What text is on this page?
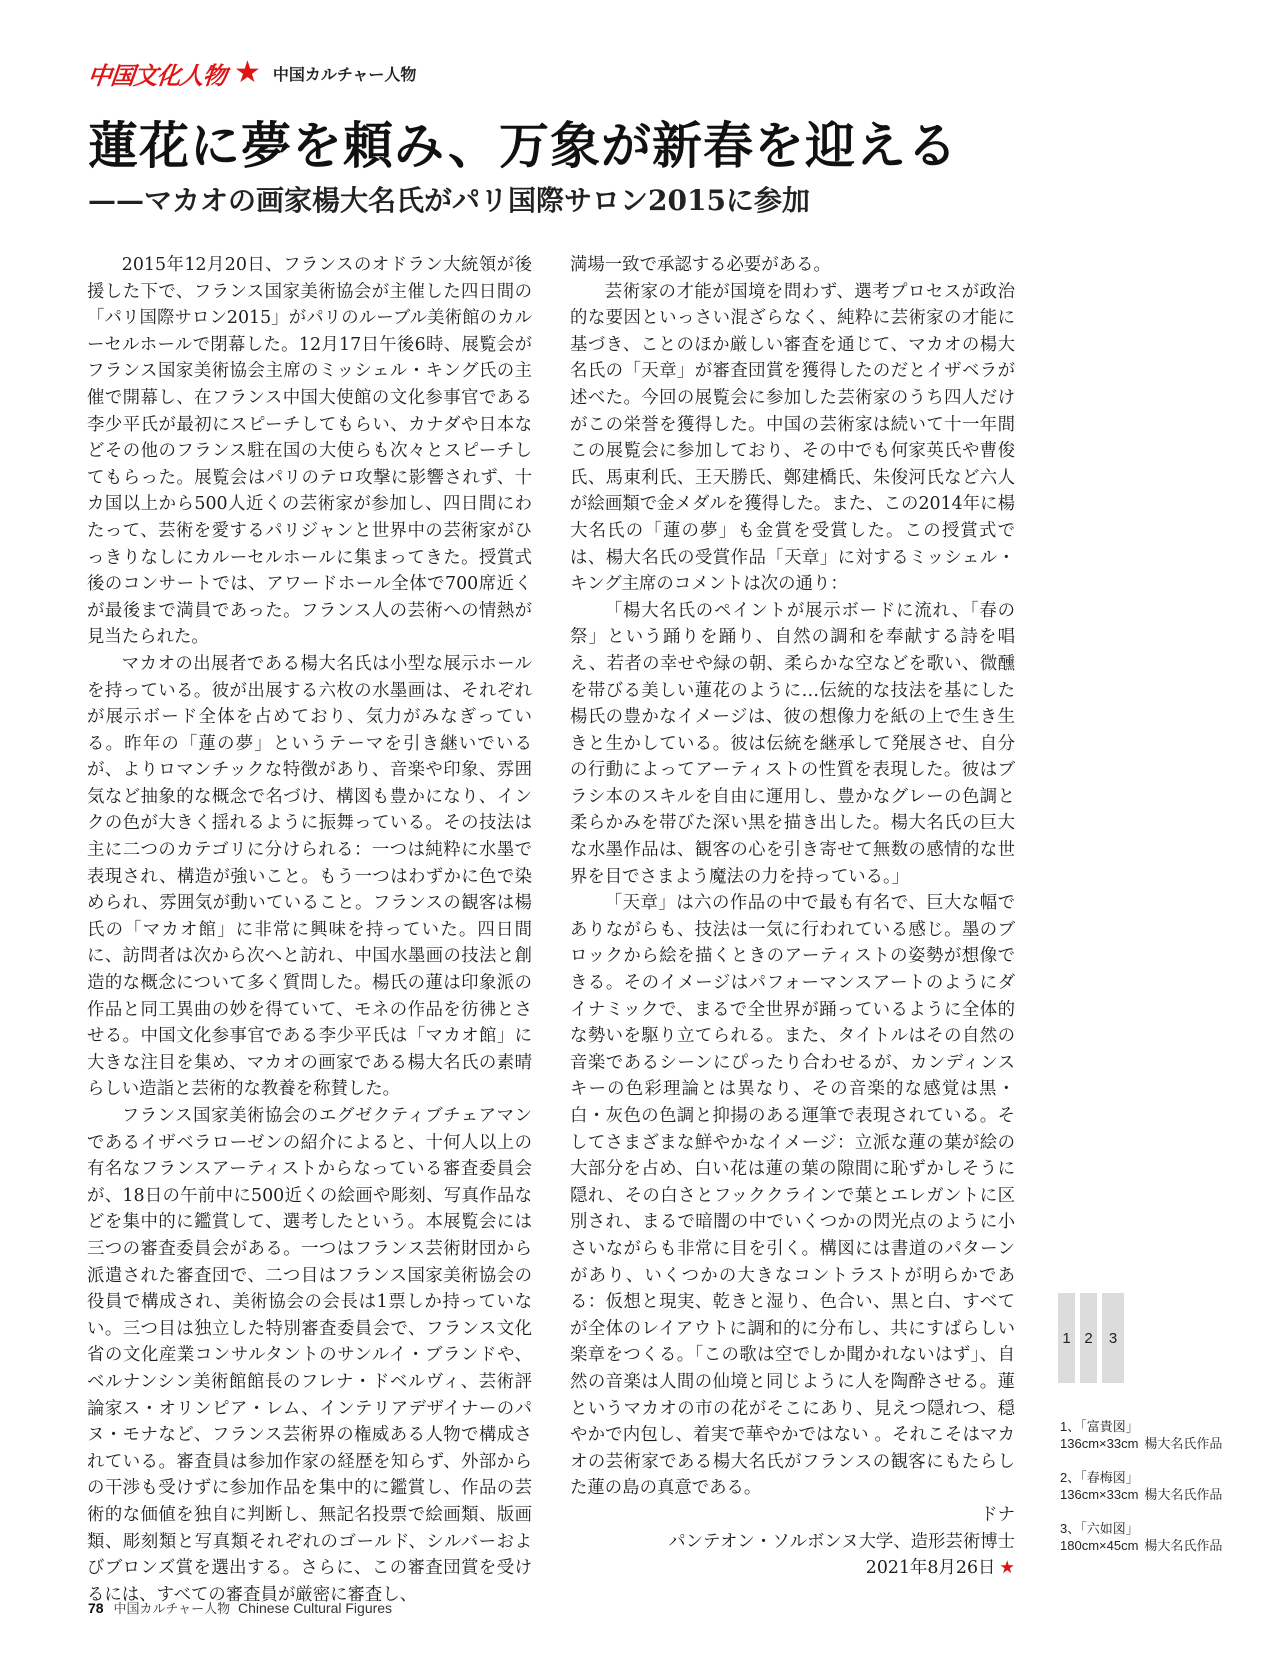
中国文化人物 ★ 中国カルチャー人物
蓮花に夢を頼み、万象が新春を迎える
——マカオの画家楊大名氏がパリ国際サロン2015に参加

2015年12月20日、フランスのオドラン大統領が後援した下で、フランス国家美術協会が主催した四日間の「パリ国際サロン2015」がパリのルーブル美術館のカルーセルホールで閉幕した。12月17日午後6時、展覧会がフランス国家美術協会主席のミッシェル・キング氏の主催で開幕し、在フランス中国大使館の文化参事官である李少平氏が最初にスピーチしてもらい、カナダや日本などその他のフランス駐在国の大使らも次々とスピーチしてもらった。展覧会はパリのテロ攻撃に影響されず、十カ国以上から500人近くの芸術家が参加し、四日間にわたって、芸術を愛するパリジャンと世界中の芸術家がひっきりなしにカルーセルホールに集まってきた。授賞式後のコンサートでは、アワードホール全体で700席近くが最後まで満員であった。フランス人の芸術への情熱が見当たられた。

マカオの出展者である楊大名氏は小型な展示ホールを持っている。彼が出展する六枚の水墨画は、それぞれが展示ボード全体を占めており、気力がみなぎっている。昨年の「蓮の夢」というテーマを引き継いでいるが、よりロマンチックな特徴があり、音楽や印象、雰囲気など抽象的な概念で名づけ、構図も豊かになり、インクの色が大きく揺れるように振舞っている。その技法は主に二つのカテゴリに分けられる：一つは純粋に水墨で表現され、構造が強いこと。もう一つはわずかに色で染められ、雰囲気が動いていること。フランスの観客は楊氏の「マカオ館」に非常に興味を持っていた。四日間に、訪問者は次から次へと訪れ、中国水墨画の技法と創造的な概念について多く質問した。楊氏の蓮は印象派の作品と同工異曲の妙を得ていて、モネの作品を彷彿とさせる。中国文化参事官である李少平氏は「マカオ館」に大きな注目を集め、マカオの画家である楊大名氏の素晴らしい造詣と芸術的な教養を称賛した。

フランス国家美術協会のエグゼクティブチェアマンであるイザベラローゼンの紹介によると、十何人以上の有名なフランスアーティストからなっている審査委員会が、18日の午前中に500近くの絵画や彫刻、写真作品などを集中的に鑑賞して、選考したという。本展覧会には三つの審査委員会がある。一つはフランス芸術財団から派遣された審査団で、二つ目はフランス国家美術協会の役員で構成され、美術協会の会長は1票しか持っていない。三つ目は独立した特別審査委員会で、フランス文化省の文化産業コンサルタントのサンルイ・ブランドや、ベルナンシン美術館館長のフレナ・ドベルヴィ、芸術評論家ス・オリンピア・レム、インテリアデザイナーのパヌ・モナなど、フランス芸術界の権威ある人物で構成されている。審査員は参加作家の経歴を知らず、外部からの干渉も受けずに参加作品を集中的に鑑賞し、作品の芸術的な価値を独自に判断し、無記名投票で絵画類、版画類、彫刻類と写真類それぞれのゴールド、シルバーおよびブロンズ賞を選出する。さらに、この審査団賞を受けるには、すべての審査員が厳密に審査し、

満場一致で承認する必要がある。

芸術家の才能が国境を問わず、選考プロセスが政治的な要因といっさい混ざらなく、純粋に芸術家の才能に基づき、ことのほか厳しい審査を通じて、マカオの楊大名氏の「天章」が審査団賞を獲得したのだとイザベラが述べた。今回の展覧会に参加した芸術家のうち四人だけがこの栄誉を獲得した。中国の芸術家は続いて十一年間この展覧会に参加しており、その中でも何家英氏や曹俊氏、馬東利氏、王天勝氏、鄭建橋氏、朱俊河氏など六人が絵画類で金メダルを獲得した。また、この2014年に楊大名氏の「蓮の夢」も金賞を受賞した。この授賞式では、楊大名氏の受賞作品「天章」に対するミッシェル・キング主席のコメントは次の通り：

「楊大名氏のペイントが展示ボードに流れ、「春の祭」という踊りを踊り、自然の調和を奉献する詩を唱え、若者の幸せや緑の朝、柔らかな空などを歌い、微醺を帯びる美しい蓮花のように…伝統的な技法を基にした楊氏の豊かなイメージは、彼の想像力を紙の上で生き生きと生かしている。彼は伝統を継承して発展させ、自分の行動によってアーティストの性質を表現した。彼はブラシ本のスキルを自由に運用し、豊かなグレーの色調と柔らかみを帯びた深い黒を描き出した。楊大名氏の巨大な水墨作品は、観客の心を引き寄せて無数の感情的な世界を目でさまよう魔法の力を持っている。」

「天章」は六の作品の中で最も有名で、巨大な幅でありながらも、技法は一気に行われている感じ。墨のブロックから絵を描くときのアーティストの姿勢が想像できる。そのイメージはパフォーマンスアートのようにダイナミックで、まるで全世界が踊っているように全体的な勢いを駆り立てられる。また、タイトルはその自然の音楽であるシーンにぴったり合わせるが、カンディンスキーの色彩理論とは異なり、その音楽的な感覚は黒・白・灰色の色調と抑揚のある運筆で表現されている。そしてさまざまな鮮やかなイメージ：立派な蓮の葉が絵の大部分を占め、白い花は蓮の葉の隙間に恥ずかしそうに隠れ、その白さとフッククラインで葉とエレガントに区別され、まるで暗闇の中でいくつかの閃光点のように小さいながらも非常に目を引く。構図には書道のパターンがあり、いくつかの大きなコントラストが明らかである：仮想と現実、乾きと湿り、色合い、黒と白、すべてが全体のレイアウトに調和的に分布し、共にすばらしい楽章をつくる。「この歌は空でしか聞かれないはず」、自然の音楽は人間の仙境と同じように人を陶酔させる。蓮というマカオの市の花がそこにあり、見えつ隠れつ、穏やかで内包し、着実で華やかではない 。それこそはマカオの芸術家である楊大名氏がフランスの観客にもたらした蓮の島の真意である。

ドナ

パンテオン・ソルボンヌ大学、造形芸術博士

2021年8月26日 ★

1 2	3
1、「富貴図」
136cm×33cm 楊大名氏作品
2、「春梅図」
136cm×33cm 楊大名氏作品
3、「六如図」
180cm×45cm 楊大名氏作品
78 中国カルチャー人物 Chinese Cultural Figures
